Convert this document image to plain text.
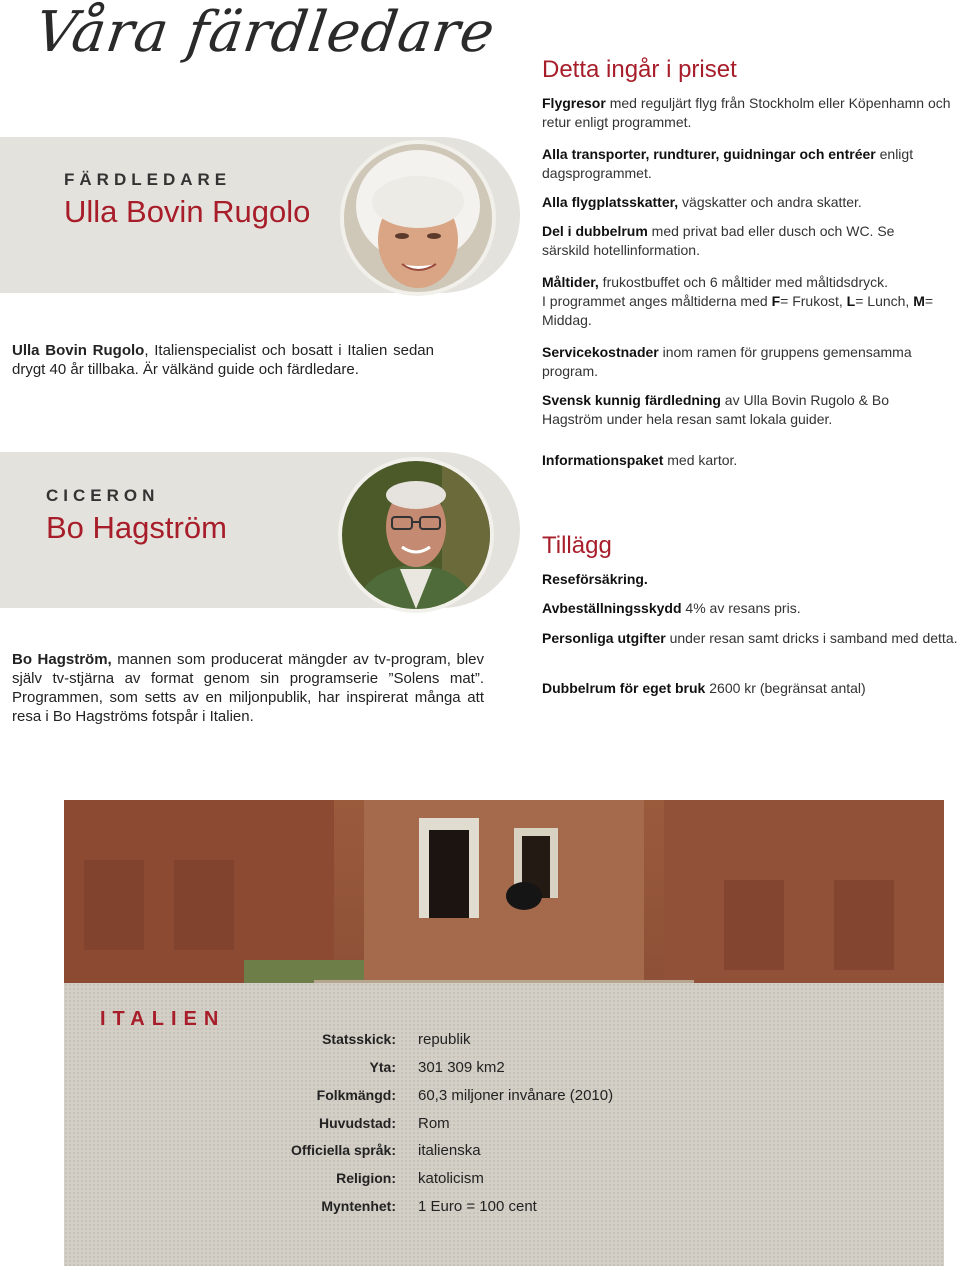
Våra färdledare
FÄRDLEDARE
Ulla Bovin Rugolo
Ulla Bovin Rugolo, Italienspecialist och bosatt i Italien sedan drygt 40 år tillbaka. Är välkänd guide och färdledare.
CICERON
Bo Hagström
Bo Hagström, mannen som producerat mängder av tv-program, blev själv tv-stjärna av format genom sin programserie ”Solens mat”. Programmen, som setts av en miljonpublik, har inspirerat många att resa i Bo Hagströms fotspår i Italien.
Detta ingår i priset
Flygresor med reguljärt flyg från Stockholm eller Köpenhamn och retur enligt programmet.
Alla transporter, rundturer, guidningar och entréer enligt dagsprogrammet.
Alla flygplatsskatter, vägskatter och andra skatter.
Del i dubbelrum med privat bad eller dusch och WC. Se särskild hotellinformation.
Måltider, frukostbuffet och 6 måltider med måltidsdryck.
I programmet anges måltiderna med F= Frukost, L= Lunch, M= Middag.
Servicekostnader inom ramen för gruppens gemensamma program.
Svensk kunnig färdledning av Ulla Bovin Rugolo & Bo Hagström under hela resan samt lokala guider.
Informationspaket med kartor.
Tillägg
Reseförsäkring.
Avbeställningsskydd 4% av resans pris.
Personliga utgifter under resan samt dricks i samband med detta.
Dubbelrum för eget bruk 2600 kr (begränsat antal)
ITALIEN
Statsskick: republik
Yta: 301 309 km2
Folkmängd: 60,3 miljoner invånare (2010)
Huvudstad: Rom
Officiella språk: italienska
Religion: katolicism
Myntenhet: 1 Euro = 100 cent
